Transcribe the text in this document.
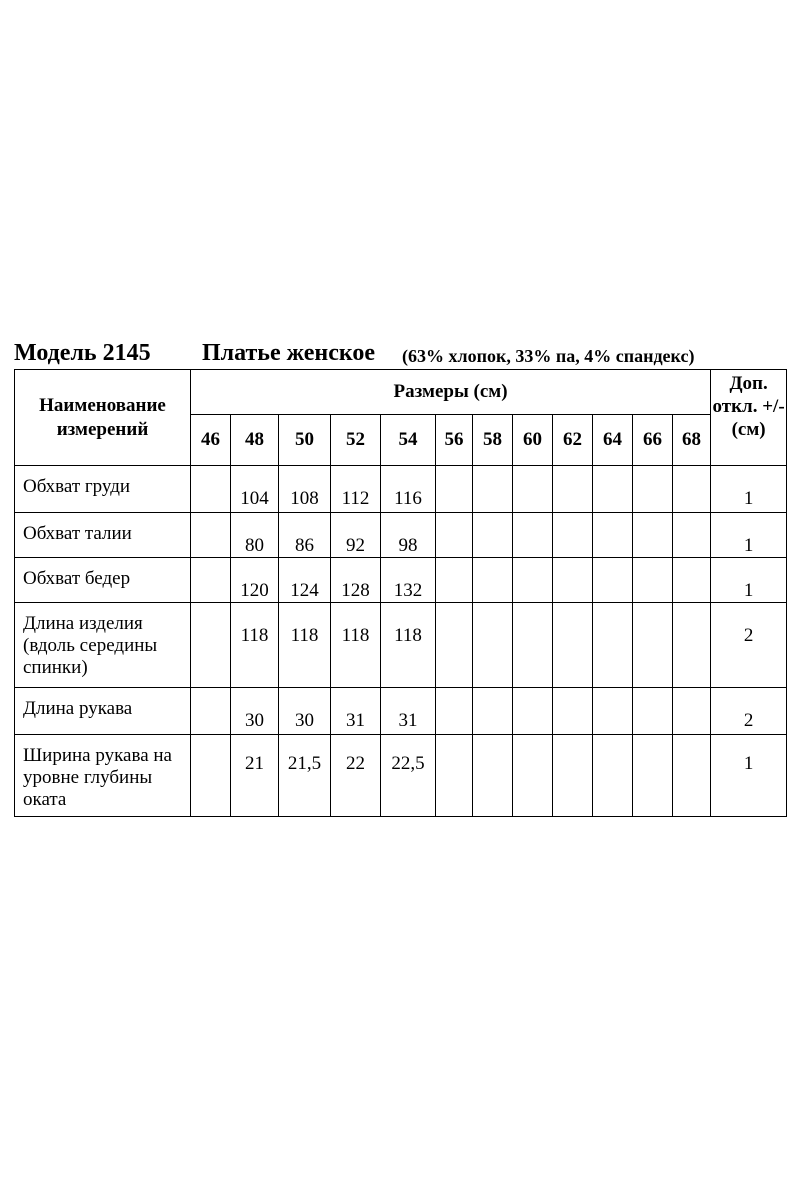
Модель 2145 Платье женское (63% хлопок, 33% па, 4% спандекс)
Наименование измерений	Размеры (см)												Доп. откл. +/- (см)
	46	48	50	52	54	56	58	60	62	64	66	68	
Обхват груди		104	108	112	116								1
Обхват талии		80	86	92	98								1
Обхват бедер		120	124	128	132								1
Длина изделия (вдоль середины спинки)		118	118	118	118								2
Длина рукава		30	30	31	31								2
Ширина рукава на уровне глубины оката		21	21,5	22	22,5								1
